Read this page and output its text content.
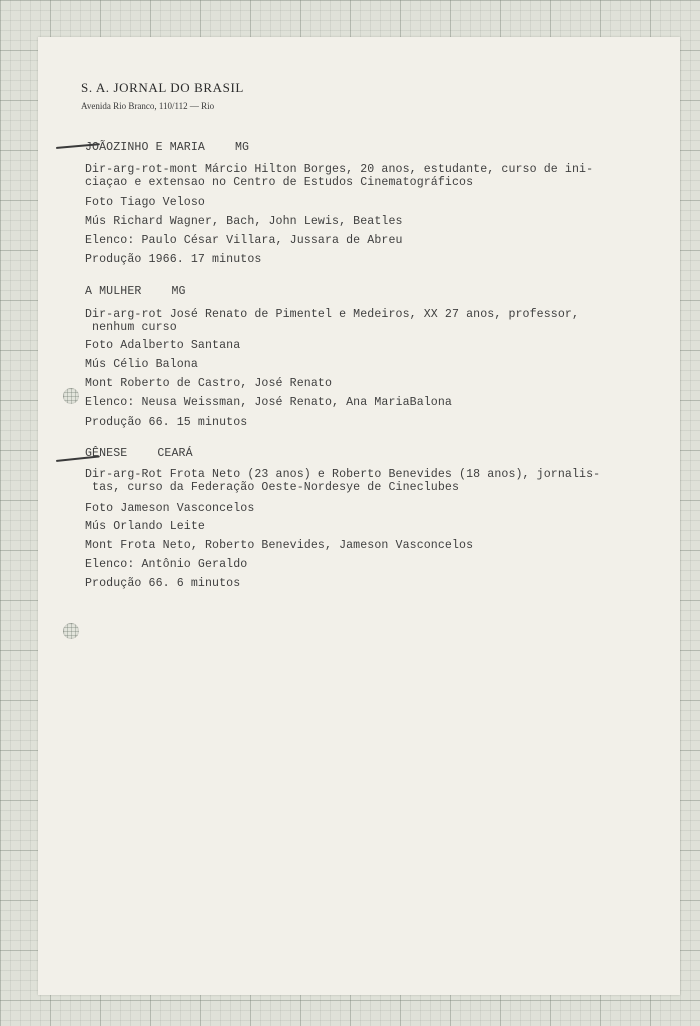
S. A. JORNAL DO BRASIL
Avenida Rio Branco, 110/112 — Rio
JOÃOZINHO E MARIA	MG
Dir-arg-rot-mont Márcio Hilton Borges, 20 anos, estudante, curso de ini-
ciaçao e extensao no Centro de Estudos Cinematográficos
Foto Tiago Veloso
Mús Richard Wagner, Bach, John Lewis, Beatles
Elenco: Paulo César Villara, Jussara de Abreu
Produção 1966. 17 minutos
A MULHER	MG
Dir-arg-rot José Renato de Pimentel e Medeiros, XX 27 anos, professor,
nenhum curso
Foto Adalberto Santana
Mús Célio Balona
Mont Roberto de Castro, José Renato
Elenco: Neusa Weissman, José Renato, Ana MariaBalona
Produção 66. 15 minutos
GÊNESE	CEARÁ
Dir-arg-Rot Frota Neto (23 anos) e Roberto Benevides (18 anos), jornalis-
tas, curso da Federação Oeste-Nordesye de Cineclubes
Foto Jameson Vasconcelos
Mús Orlando Leite
Mont Frota Neto, Roberto Benevides, Jameson Vasconcelos
Elenco: Antônio Geraldo
Produção 66. 6 minutos
